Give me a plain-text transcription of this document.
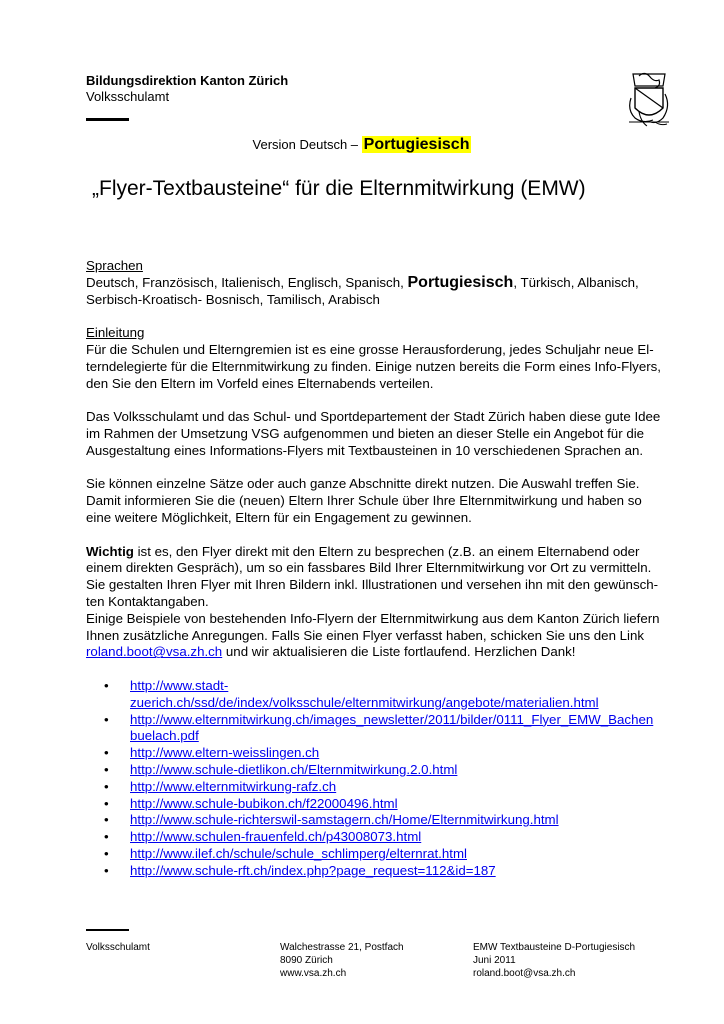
Bildungsdirektion Kanton Zürich
Volksschulamt
Version Deutsch – Portugiesisch
„Flyer-Textbausteine“ für die Elternmitwirkung (EMW)

Sprachen

Deutsch, Französisch, Italienisch, Englisch, Spanisch, Portugiesisch, Türkisch, Albanisch,

Serbisch-Kroatisch- Bosnisch, Tamilisch, Arabisch

Einleitung

Für die Schulen und Elterngremien ist es eine grosse Herausforderung, jedes Schuljahr neue El-

terndelegierte für die Elternmitwirkung zu finden. Einige nutzen bereits die Form eines Info-Flyers,

den Sie den Eltern im Vorfeld eines Elternabends verteilen.

Das Volksschulamt und das Schul- und Sportdepartement der Stadt Zürich haben diese gute Idee

im Rahmen der Umsetzung VSG aufgenommen und bieten an dieser Stelle ein Angebot für die

Ausgestaltung eines Informations-Flyers mit Textbausteinen in 10 verschiedenen Sprachen an.

Sie können einzelne Sätze oder auch ganze Abschnitte direkt nutzen. Die Auswahl treffen Sie.

Damit informieren Sie die (neuen) Eltern Ihrer Schule über Ihre Elternmitwirkung und haben so

eine weitere Möglichkeit, Eltern für ein Engagement zu gewinnen.

Wichtig ist es, den Flyer direkt mit den Eltern zu besprechen (z.B. an einem Elternabend oder

einem direkten Gespräch), um so ein fassbares Bild Ihrer Elternmitwirkung vor Ort zu vermitteln.

Sie gestalten Ihren Flyer mit Ihren Bildern inkl. Illustrationen und versehen ihn mit den gewünsch-

ten Kontaktangaben.

Einige Beispiele von bestehenden Info-Flyern der Elternmitwirkung aus dem Kanton Zürich liefern

Ihnen zusätzliche Anregungen. Falls Sie einen Flyer verfasst haben, schicken Sie uns den Link

roland.boot@vsa.zh.ch und wir aktualisieren die Liste fortlaufend. Herzlichen Dank!

• http://www.stadt-
zuerich.ch/ssd/de/index/volksschule/elternmitwirkung/angebote/materialien.html
• http://www.elternmitwirkung.ch/images_newsletter/2011/bilder/0111_Flyer_EMW_Bachen
buelach.pdf
• http://www.eltern-weisslingen.ch
• http://www.schule-dietlikon.ch/Elternmitwirkung.2.0.html
• http://www.elternmitwirkung-rafz.ch
• http://www.schule-bubikon.ch/f22000496.html
• http://www.schule-richterswil-samstagern.ch/Home/Elternmitwirkung.html
• http://www.schulen-frauenfeld.ch/p43008073.html
• http://www.ilef.ch/schule/schule_schlimperg/elternrat.html
• http://www.schule-rft.ch/index.php?page_request=112&id=187
Volksschulamt	Walchestrasse 21, Postfach
8090 Zürich
www.vsa.zh.ch
EMW Textbausteine D-Portugiesisch
Juni 2011
roland.boot@vsa.zh.ch
